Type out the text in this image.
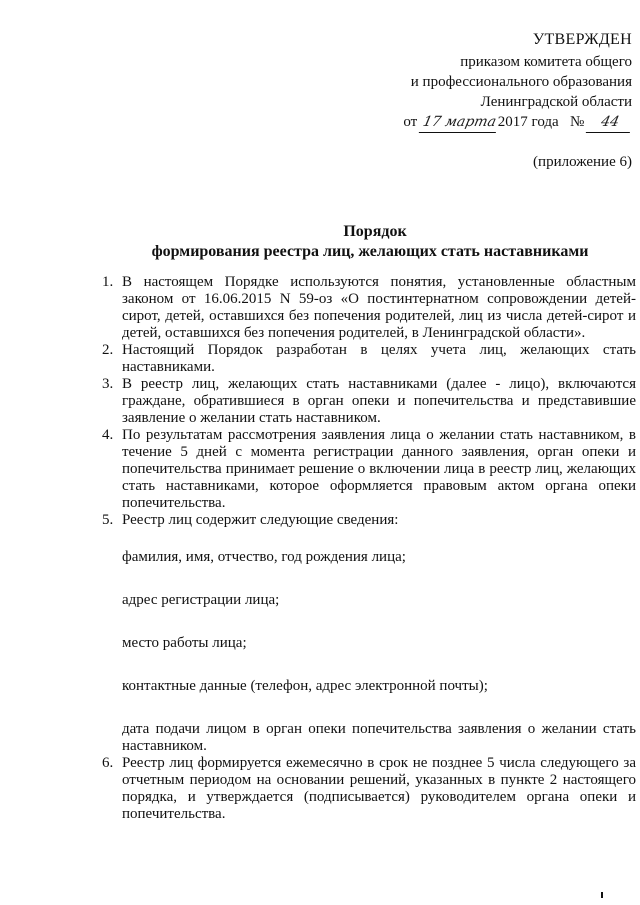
УТВЕРЖДЕН
приказом комитета общего
и профессионального образования
Ленинградской области
от 17 марта2017 года № 44
(приложение 6)
Порядок
формирования реестра лиц, желающих стать наставниками
1. В настоящем Порядке используются понятия, установленные областным законом от 16.06.2015 N 59-оз «О постинтернатном сопровождении детей-сирот, детей, оставшихся без попечения родителей, лиц из числа детей-сирот и детей, оставшихся без попечения родителей, в Ленинградской области».
2. Настоящий Порядок разработан в целях учета лиц, желающих стать наставниками.
3. В реестр лиц, желающих стать наставниками (далее - лицо), включаются граждане, обратившиеся в орган опеки и попечительства и представившие заявление о желании стать наставником.
4. По результатам рассмотрения заявления лица о желании стать наставником, в течение 5 дней с момента регистрации данного заявления, орган опеки и попечительства принимает решение о включении лица в реестр лиц, желающих стать наставниками, которое оформляется правовым актом органа опеки попечительства.
5. Реестр лиц содержит следующие сведения:

фамилия, имя, отчество, год рождения лица;

адрес регистрации лица;

место работы лица;

контактные данные (телефон, адрес электронной почты);

дата подачи лицом в орган опеки попечительства заявления о желании стать наставником.

6. Реестр лиц формируется ежемесячно в срок не позднее 5 числа следующего за отчетным периодом на основании решений, указанных в пункте 2 настоящего порядка, и утверждается (подписывается) руководителем органа опеки и попечительства.
